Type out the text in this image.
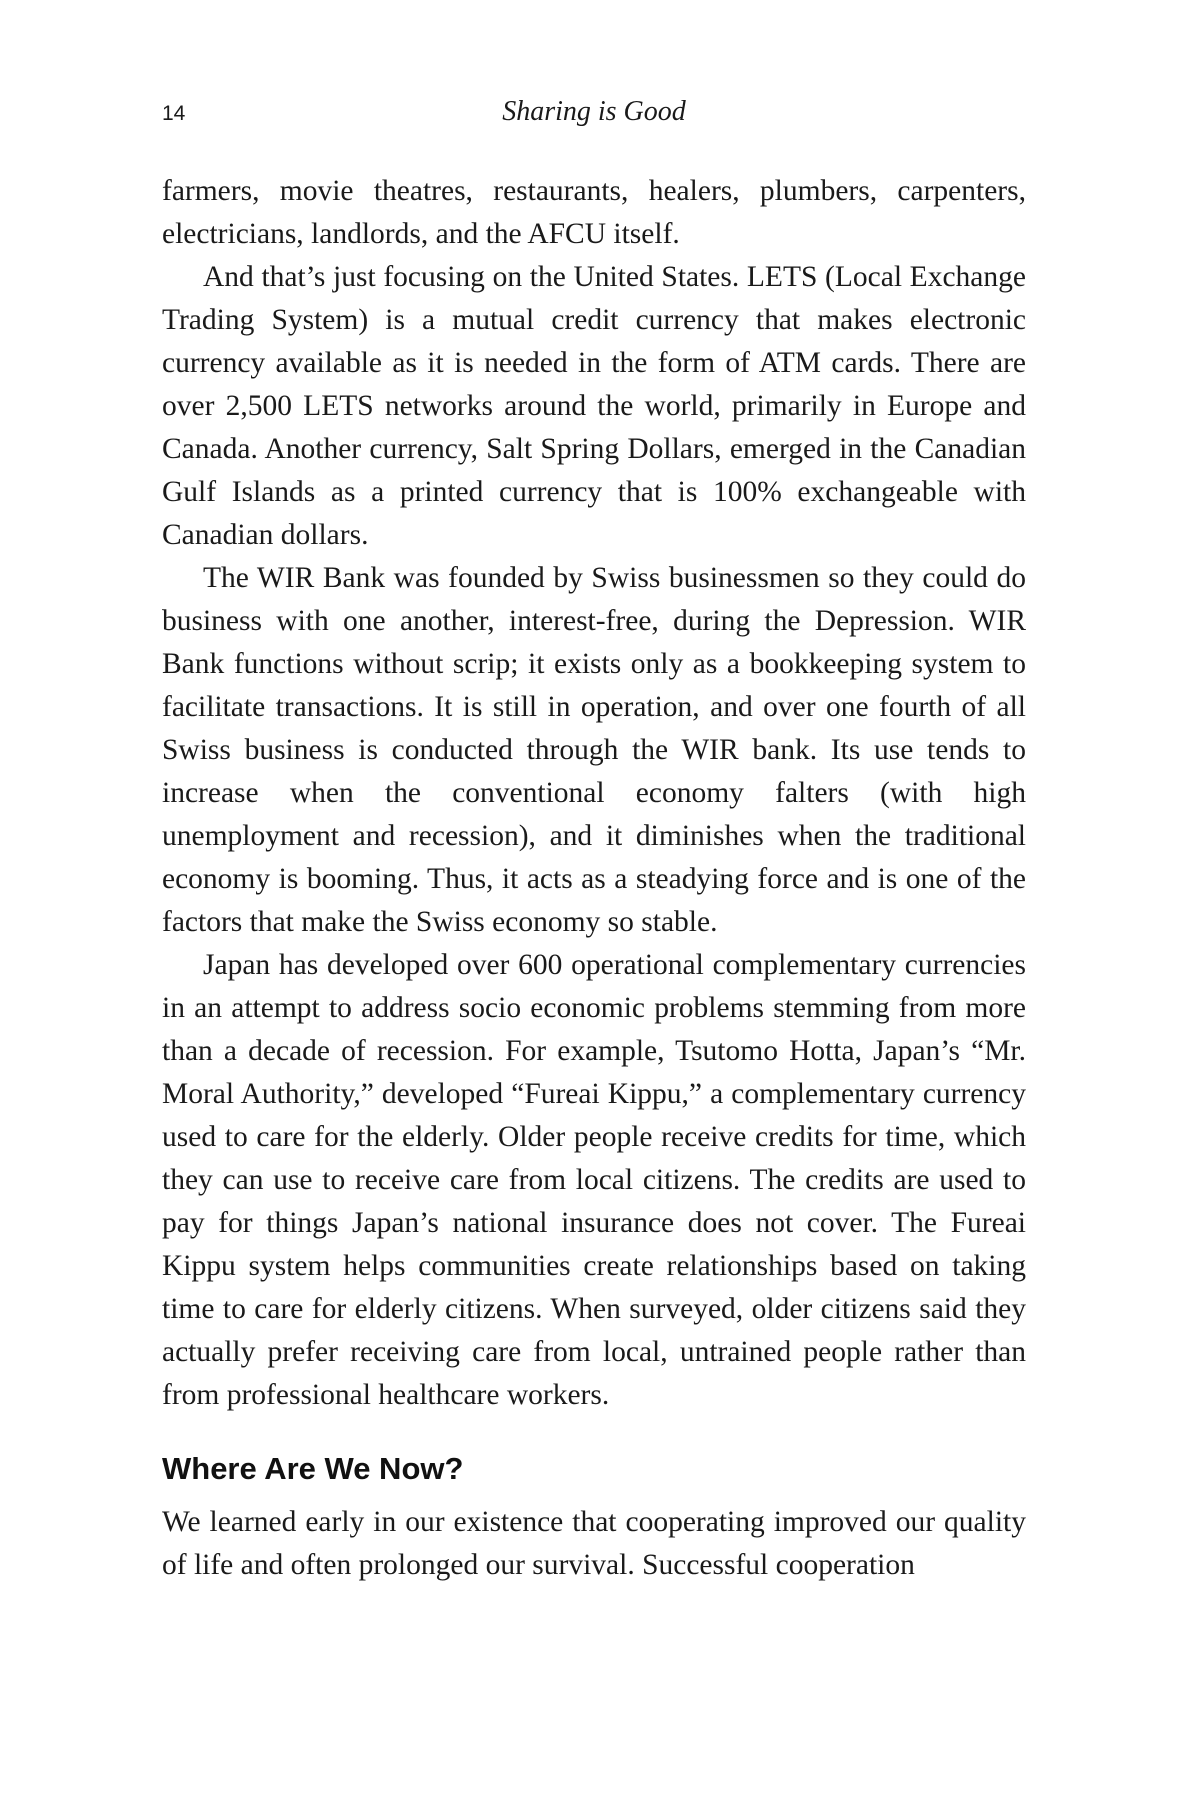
14	Sharing is Good

farmers, movie theatres, restaurants, healers, plumbers, carpenters, electricians, landlords, and the AFCU itself.

And that’s just focusing on the United States. LETS (Local Exchange Trading System) is a mutual credit currency that makes electronic currency available as it is needed in the form of ATM cards. There are over 2,500 LETS networks around the world, primarily in Europe and Canada. Another currency, Salt Spring Dollars, emerged in the Canadian Gulf Islands as a printed currency that is 100% exchangeable with Canadian dollars.

The WIR Bank was founded by Swiss businessmen so they could do business with one another, interest-free, during the Depression. WIR Bank functions without scrip; it exists only as a bookkeeping system to facilitate transactions. It is still in operation, and over one fourth of all Swiss business is conducted through the WIR bank. Its use tends to increase when the conventional economy falters (with high unemployment and recession), and it diminishes when the traditional economy is booming. Thus, it acts as a steadying force and is one of the factors that make the Swiss economy so stable.

Japan has developed over 600 operational complementary currencies in an attempt to address socio economic problems stemming from more than a decade of recession. For example, Tsutomo Hotta, Japan’s “Mr. Moral Authority,” developed “Fureai Kippu,” a complementary currency used to care for the elderly. Older people receive credits for time, which they can use to receive care from local citizens. The credits are used to pay for things Japan’s national insurance does not cover. The Fureai Kippu system helps communities create relationships based on taking time to care for elderly citizens. When surveyed, older citizens said they actually prefer receiving care from local, untrained people rather than from professional healthcare workers.

Where Are We Now?

We learned early in our existence that cooperating improved our quality of life and often prolonged our survival. Successful cooperation
